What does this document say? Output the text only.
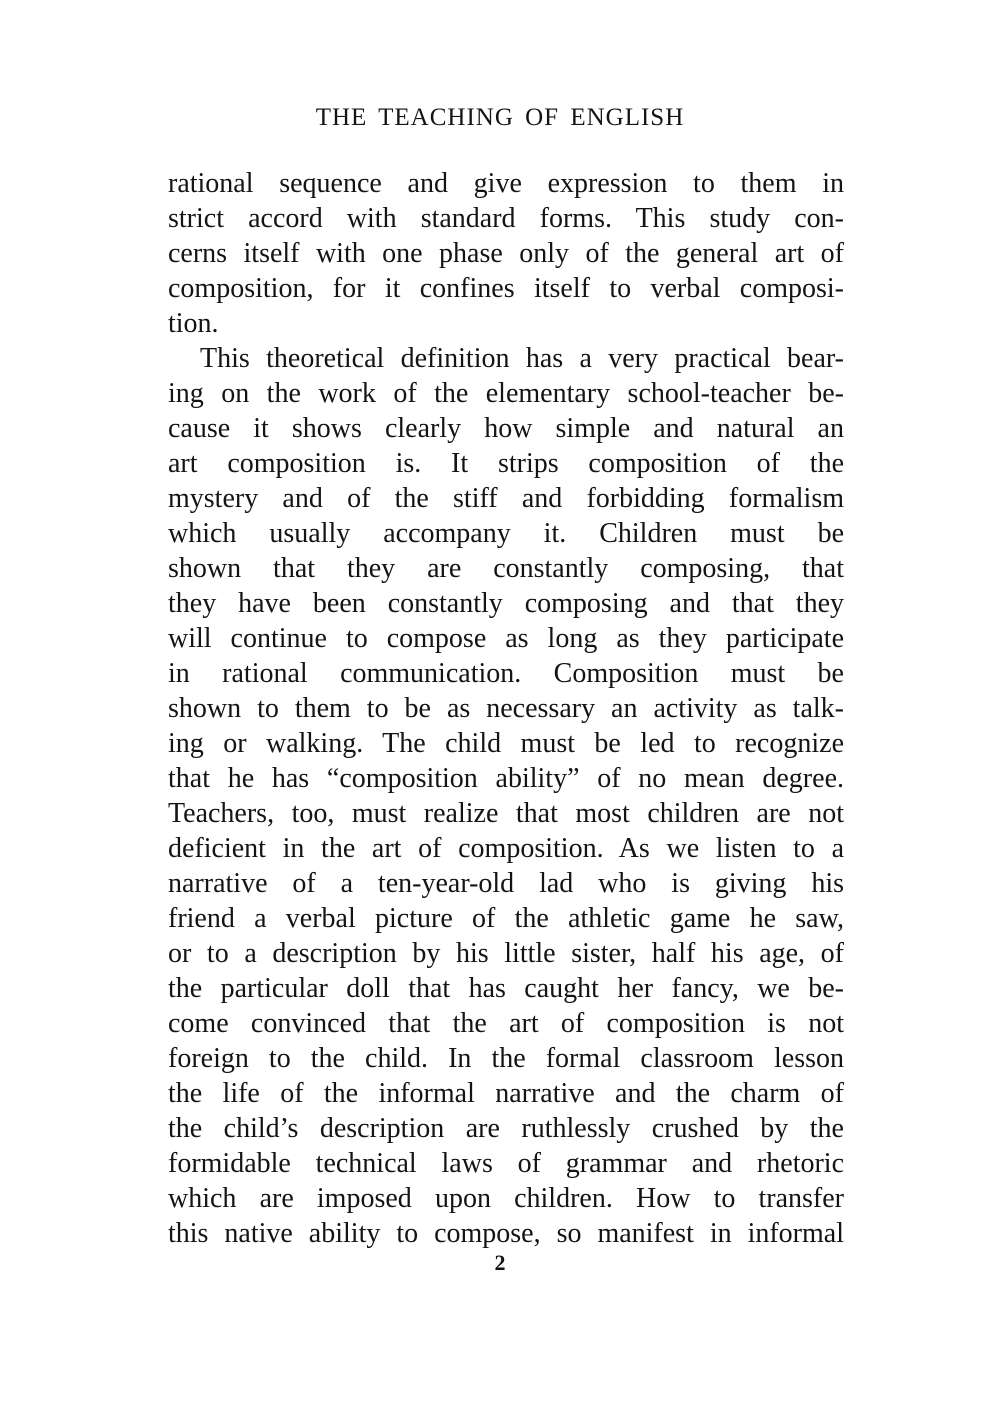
THE TEACHING OF ENGLISH
rational sequence and give expression to them in
strict accord with standard forms. This study con-
cerns itself with one phase only of the general art of
composition, for it confines itself to verbal composi-
tion.
This theoretical definition has a very practical bear-
ing on the work of the elementary school-teacher be-
cause it shows clearly how simple and natural an
art composition is. It strips composition of the
mystery and of the stiff and forbidding formalism
which usually accompany it. Children must be
shown that they are constantly composing, that
they have been constantly composing and that they
will continue to compose as long as they participate
in rational communication. Composition must be
shown to them to be as necessary an activity as talk-
ing or walking. The child must be led to recognize
that he has “composition ability” of no mean degree.
Teachers, too, must realize that most children are not
deficient in the art of composition. As we listen to a
narrative of a ten-year-old lad who is giving his
friend a verbal picture of the athletic game he saw,
or to a description by his little sister, half his age, of
the particular doll that has caught her fancy, we be-
come convinced that the art of composition is not
foreign to the child. In the formal classroom lesson
the life of the informal narrative and the charm of
the child’s description are ruthlessly crushed by the
formidable technical laws of grammar and rhetoric
which are imposed upon children. How to transfer
this native ability to compose, so manifest in informal
2
